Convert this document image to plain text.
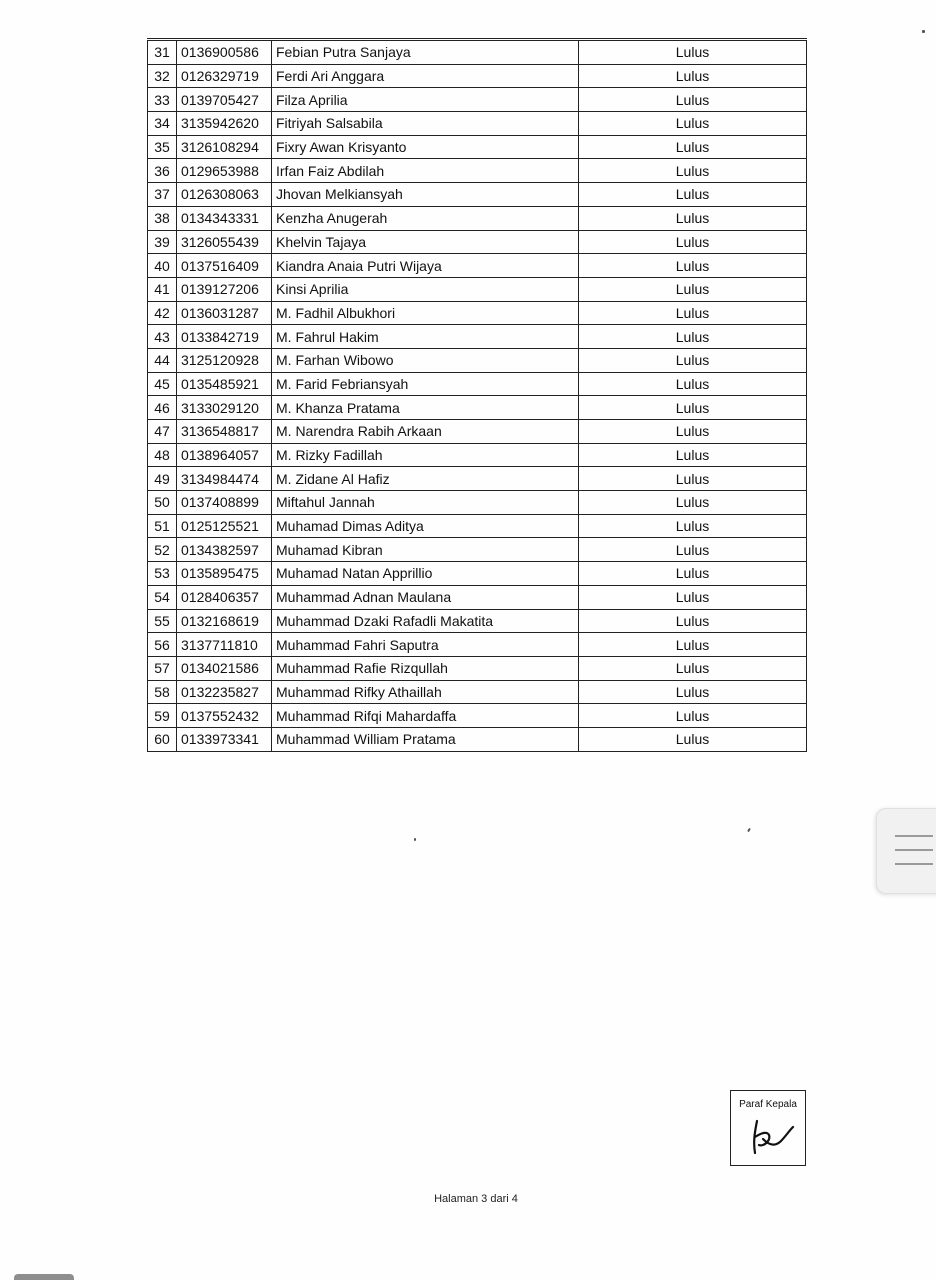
31	0136900586	Febian Putra Sanjaya	Lulus
32	0126329719	Ferdi Ari Anggara	Lulus
33	0139705427	Filza Aprilia	Lulus
34	3135942620	Fitriyah Salsabila	Lulus
35	3126108294	Fixry Awan Krisyanto	Lulus
36	0129653988	Irfan Faiz Abdilah	Lulus
37	0126308063	Jhovan Melkiansyah	Lulus
38	0134343331	Kenzha Anugerah	Lulus
39	3126055439	Khelvin Tajaya	Lulus
40	0137516409	Kiandra Anaia Putri Wijaya	Lulus
41	0139127206	Kinsi Aprilia	Lulus
42	0136031287	M. Fadhil Albukhori	Lulus
43	0133842719	M. Fahrul Hakim	Lulus
44	3125120928	M. Farhan Wibowo	Lulus
45	0135485921	M. Farid Febriansyah	Lulus
46	3133029120	M. Khanza Pratama	Lulus
47	3136548817	M. Narendra Rabih Arkaan	Lulus
48	0138964057	M. Rizky Fadillah	Lulus
49	3134984474	M. Zidane Al Hafiz	Lulus
50	0137408899	Miftahul Jannah	Lulus
51	0125125521	Muhamad Dimas Aditya	Lulus
52	0134382597	Muhamad Kibran	Lulus
53	0135895475	Muhamad Natan Apprillio	Lulus
54	0128406357	Muhammad Adnan Maulana	Lulus
55	0132168619	Muhammad Dzaki Rafadli Makatita	Lulus
56	3137711810	Muhammad Fahri Saputra	Lulus
57	0134021586	Muhammad Rafie Rizqullah	Lulus
58	0132235827	Muhammad Rifky Athaillah	Lulus
59	0137552432	Muhammad Rifqi Mahardaffa	Lulus
60	0133973341	Muhammad William Pratama	Lulus
Paraf Kepala
Halaman 3 dari 4
